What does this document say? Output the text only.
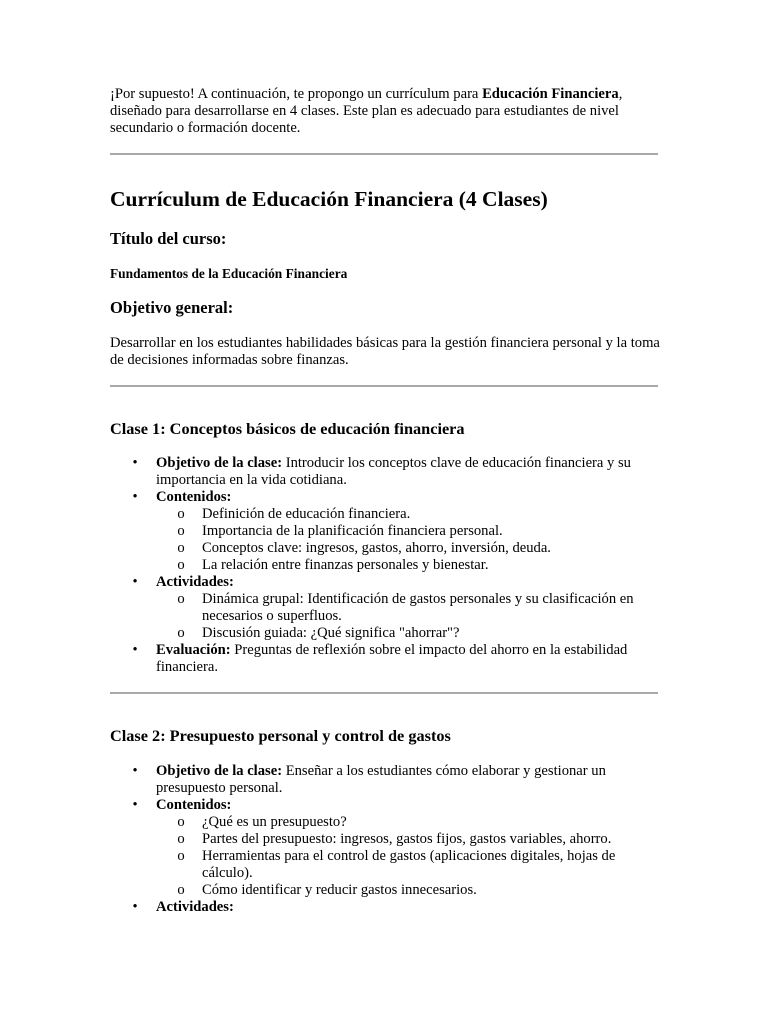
¡Por supuesto! A continuación, te propongo un currículum para Educación Financiera, diseñado para desarrollarse en 4 clases. Este plan es adecuado para estudiantes de nivel secundario o formación docente.

Currículum de Educación Financiera (4 Clases)
Título del curso:

Fundamentos de la Educación Financiera

Objetivo general:

Desarrollar en los estudiantes habilidades básicas para la gestión financiera personal y la toma de decisiones informadas sobre finanzas.

Clase 1: Conceptos básicos de educación financiera
• Objetivo de la clase: Introducir los conceptos clave de educación financiera y su importancia en la vida cotidiana.
• Contenidos:
o Definición de educación financiera.
o Importancia de la planificación financiera personal.
o Conceptos clave: ingresos, gastos, ahorro, inversión, deuda.
o La relación entre finanzas personales y bienestar.
• Actividades:
o Dinámica grupal: Identificación de gastos personales y su clasificación en necesarios o superfluos.
o Discusión guiada: ¿Qué significa "ahorrar"?
• Evaluación: Preguntas de reflexión sobre el impacto del ahorro en la estabilidad financiera.
Clase 2: Presupuesto personal y control de gastos
• Objetivo de la clase: Enseñar a los estudiantes cómo elaborar y gestionar un presupuesto personal.
• Contenidos:
o ¿Qué es un presupuesto?
o Partes del presupuesto: ingresos, gastos fijos, gastos variables, ahorro.
o Herramientas para el control de gastos (aplicaciones digitales, hojas de cálculo).
o Cómo identificar y reducir gastos innecesarios.
• Actividades:
